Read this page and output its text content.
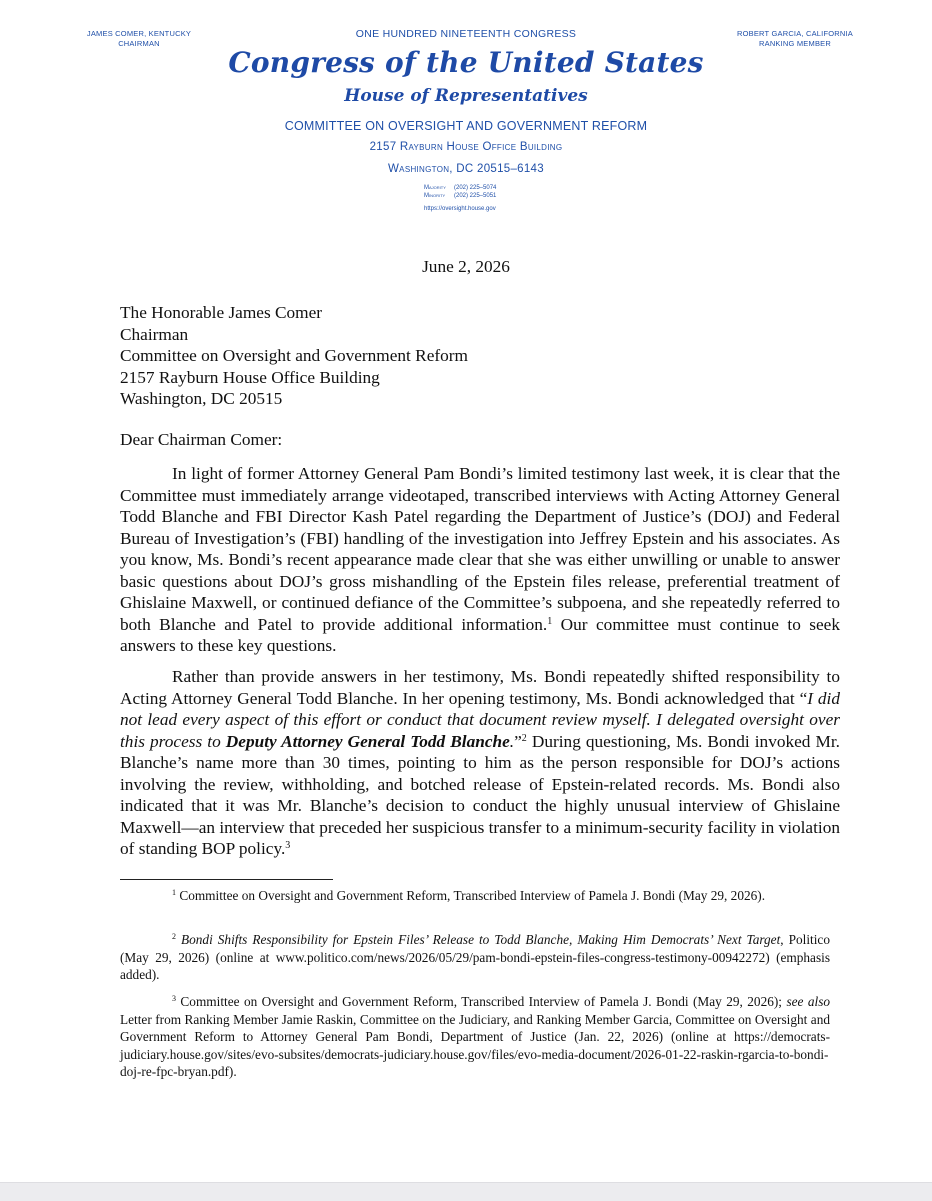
JAMES COMER, KENTUCKY
CHAIRMAN
ROBERT GARCIA, CALIFORNIA
RANKING MEMBER
ONE HUNDRED NINETEENTH CONGRESS
Congress of the United States
House of Representatives
COMMITTEE ON OVERSIGHT AND GOVERNMENT REFORM
2157 Rayburn House Office Building
Washington, DC 20515–6143
Majority (202) 225–5074
Minority (202) 225–5051
https://oversight.house.gov
June 2, 2026
The Honorable James Comer
Chairman
Committee on Oversight and Government Reform
2157 Rayburn House Office Building
Washington, DC 20515
Dear Chairman Comer:
In light of former Attorney General Pam Bondi’s limited testimony last week, it is clear that the Committee must immediately arrange videotaped, transcribed interviews with Acting Attorney General Todd Blanche and FBI Director Kash Patel regarding the Department of Justice’s (DOJ) and Federal Bureau of Investigation’s (FBI) handling of the investigation into Jeffrey Epstein and his associates. As you know, Ms. Bondi’s recent appearance made clear that she was either unwilling or unable to answer basic questions about DOJ’s gross mishandling of the Epstein files release, preferential treatment of Ghislaine Maxwell, or continued defiance of the Committee’s subpoena, and she repeatedly referred to both Blanche and Patel to provide additional information.$^1$ Our committee must continue to seek answers to these key questions.
Rather than provide answers in her testimony, Ms. Bondi repeatedly shifted responsibility to Acting Attorney General Todd Blanche. In her opening testimony, Ms. Bondi acknowledged that “I did not lead every aspect of this effort or conduct that document review myself. I delegated oversight over this process to Deputy Attorney General Todd Blanche.”$^2$ During questioning, Ms. Bondi invoked Mr. Blanche’s name more than 30 times, pointing to him as the person responsible for DOJ’s actions involving the review, withholding, and botched release of Epstein-related records. Ms. Bondi also indicated that it was Mr. Blanche’s decision to conduct the highly unusual interview of Ghislaine Maxwell—an interview that preceded her suspicious transfer to a minimum-security facility in violation of standing BOP policy.$^3$
$^1$ Committee on Oversight and Government Reform, Transcribed Interview of Pamela J. Bondi (May 29, 2026).
$^2$ Bondi Shifts Responsibility for Epstein Files’ Release to Todd Blanche, Making Him Democrats’ Next Target, Politico (May 29, 2026) (online at www.politico.com/news/2026/05/29/pam-bondi-epstein-files-congress-testimony-00942272) (emphasis added).
$^3$ Committee on Oversight and Government Reform, Transcribed Interview of Pamela J. Bondi (May 29, 2026); see also Letter from Ranking Member Jamie Raskin, Committee on the Judiciary, and Ranking Member Garcia, Committee on Oversight and Government Reform to Attorney General Pam Bondi, Department of Justice (Jan. 22, 2026) (online at https://democrats-judiciary.house.gov/sites/evo-subsites/democrats-judiciary.house.gov/files/evo-media-document/2026-01-22-raskin-rgarcia-to-bondi-doj-re-fpc-bryan.pdf).
